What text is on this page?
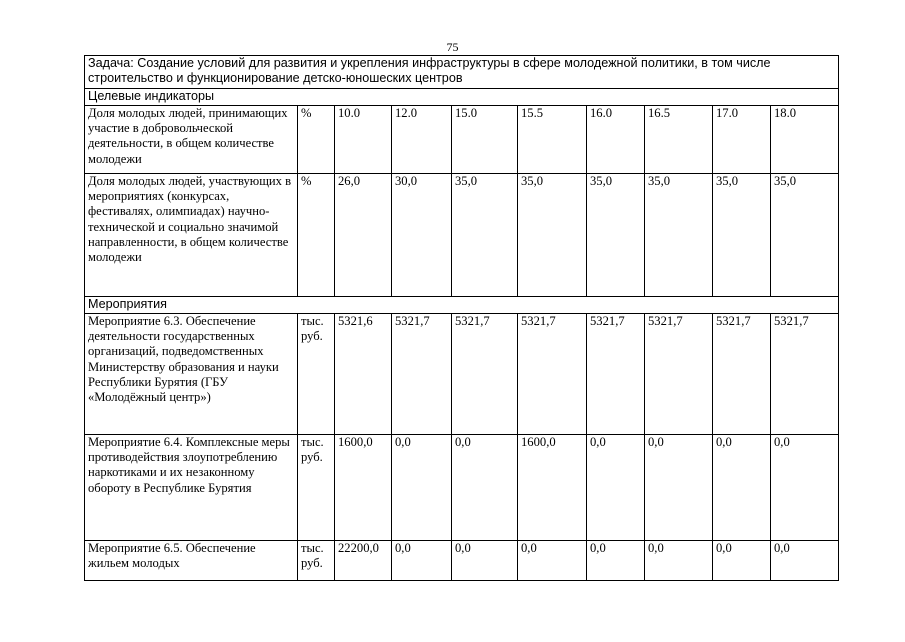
75
Задача: Создание условий для развития и укрепления инфраструктуры в сфере молодежной политики, в том числе строительство и функционирование детско-юношеских центров									
Целевые индикаторы									
Доля молодых людей, принимающих участие в добровольческой деятельности, в общем количестве молодежи	%	10.0	12.0	15.0	15.5	16.0	16.5	17.0	18.0
Доля молодых людей, участвующих в мероприятиях (конкурсах, фестивалях, олимпиадах) научно-технической и социально значимой направленности, в общем количестве молодежи	%	26,0	30,0	35,0	35,0	35,0	35,0	35,0	35,0
Мероприятия									
Мероприятие 6.3. Обеспечение деятельности государственных организаций, подведомственных Министерству образования и науки Республики Бурятия (ГБУ «Молодёжный центр»)	тыс. руб.	5321,6	5321,7	5321,7	5321,7	5321,7	5321,7	5321,7	5321,7
Мероприятие 6.4. Комплексные меры противодействия злоупотреблению наркотиками и их незаконному обороту в Республике Бурятия	тыс. руб.	1600,0	0,0	0,0	1600,0	0,0	0,0	0,0	0,0
Мероприятие 6.5. Обеспечение жильем молодых	тыс. руб.	22200,0	0,0	0,0	0,0	0,0	0,0	0,0	0,0
